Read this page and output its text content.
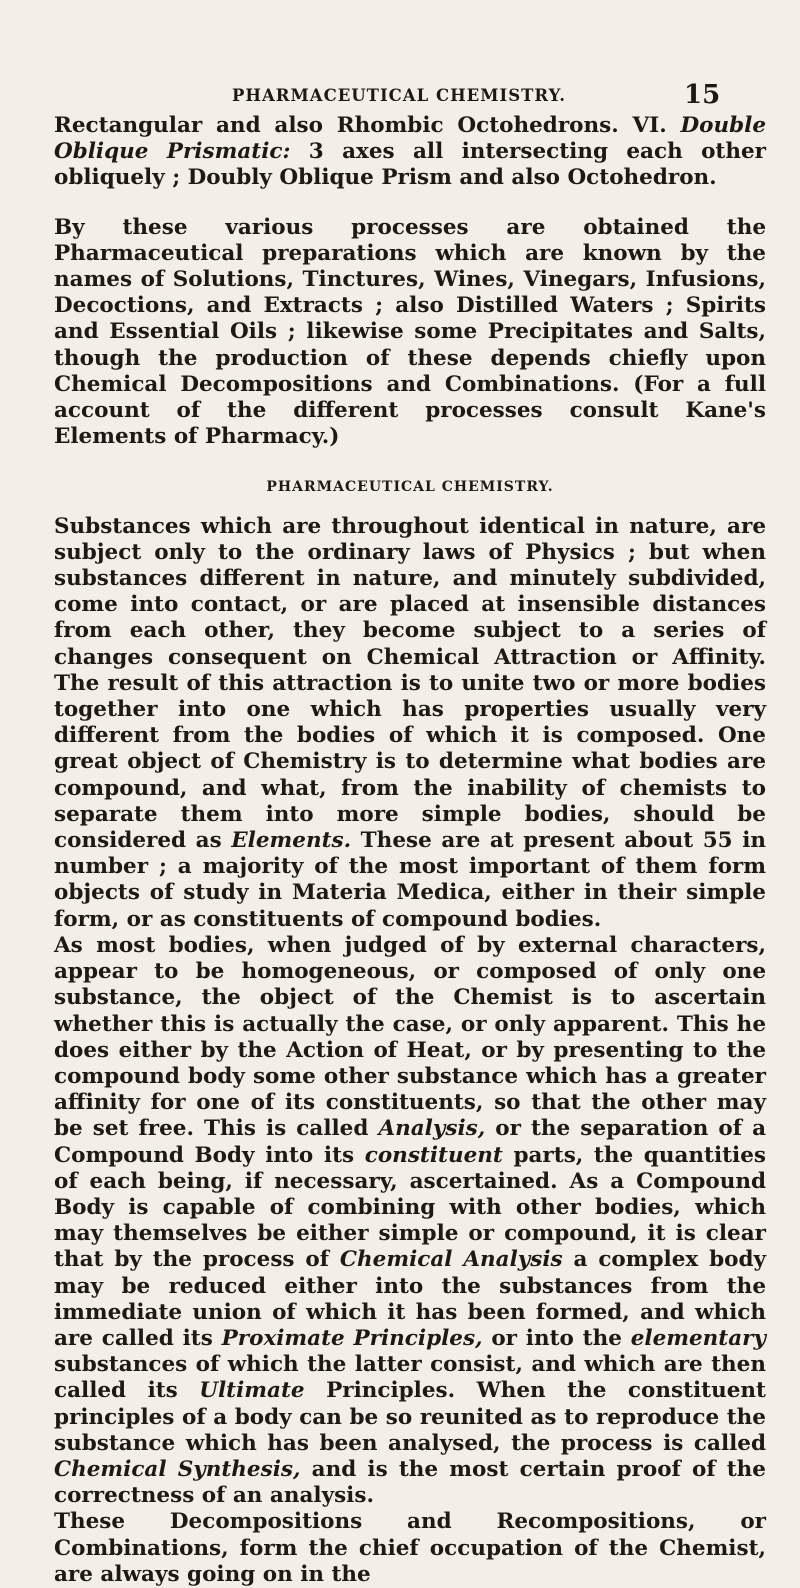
PHARMACEUTICAL CHEMISTRY.	15

Rectangular and also Rhombic Octohedrons. VI. Double Oblique Prismatic: 3 axes all intersecting each other obliquely ; Doubly Oblique Prism and also Octohedron.

By these various processes are obtained the Pharmaceutical preparations which are known by the names of Solutions, Tinctures, Wines, Vinegars, Infusions, Decoctions, and Extracts ; also Distilled Waters ; Spirits and Essential Oils ; likewise some Precipitates and Salts, though the production of these depends chiefly upon Chemical Decompositions and Combinations. (For a full account of the different processes consult Kane's Elements of Pharmacy.)

PHARMACEUTICAL CHEMISTRY.

Substances which are throughout identical in nature, are subject only to the ordinary laws of Physics ; but when substances different in nature, and minutely subdivided, come into contact, or are placed at insensible distances from each other, they become subject to a series of changes consequent on Chemical Attraction or Affinity. The result of this attraction is to unite two or more bodies together into one which has properties usually very different from the bodies of which it is composed. One great object of Chemistry is to determine what bodies are compound, and what, from the inability of chemists to separate them into more simple bodies, should be considered as Elements. These are at present about 55 in number ; a majority of the most important of them form objects of study in Materia Medica, either in their simple form, or as constituents of compound bodies.

As most bodies, when judged of by external characters, appear to be homogeneous, or composed of only one substance, the object of the Chemist is to ascertain whether this is actually the case, or only apparent. This he does either by the Action of Heat, or by presenting to the compound body some other substance which has a greater affinity for one of its constituents, so that the other may be set free. This is called Analysis, or the separation of a Compound Body into its constituent parts, the quantities of each being, if necessary, ascertained. As a Compound Body is capable of combining with other bodies, which may themselves be either simple or compound, it is clear that by the process of Chemical Analysis a complex body may be reduced either into the substances from the immediate union of which it has been formed, and which are called its Proximate Principles, or into the elementary substances of which the latter consist, and which are then called its Ultimate Principles. When the constituent principles of a body can be so reunited as to reproduce the substance which has been analysed, the process is called Chemical Synthesis, and is the most certain proof of the correctness of an analysis.

These Decompositions and Recompositions, or Combinations, form the chief occupation of the Chemist, are always going on in the
